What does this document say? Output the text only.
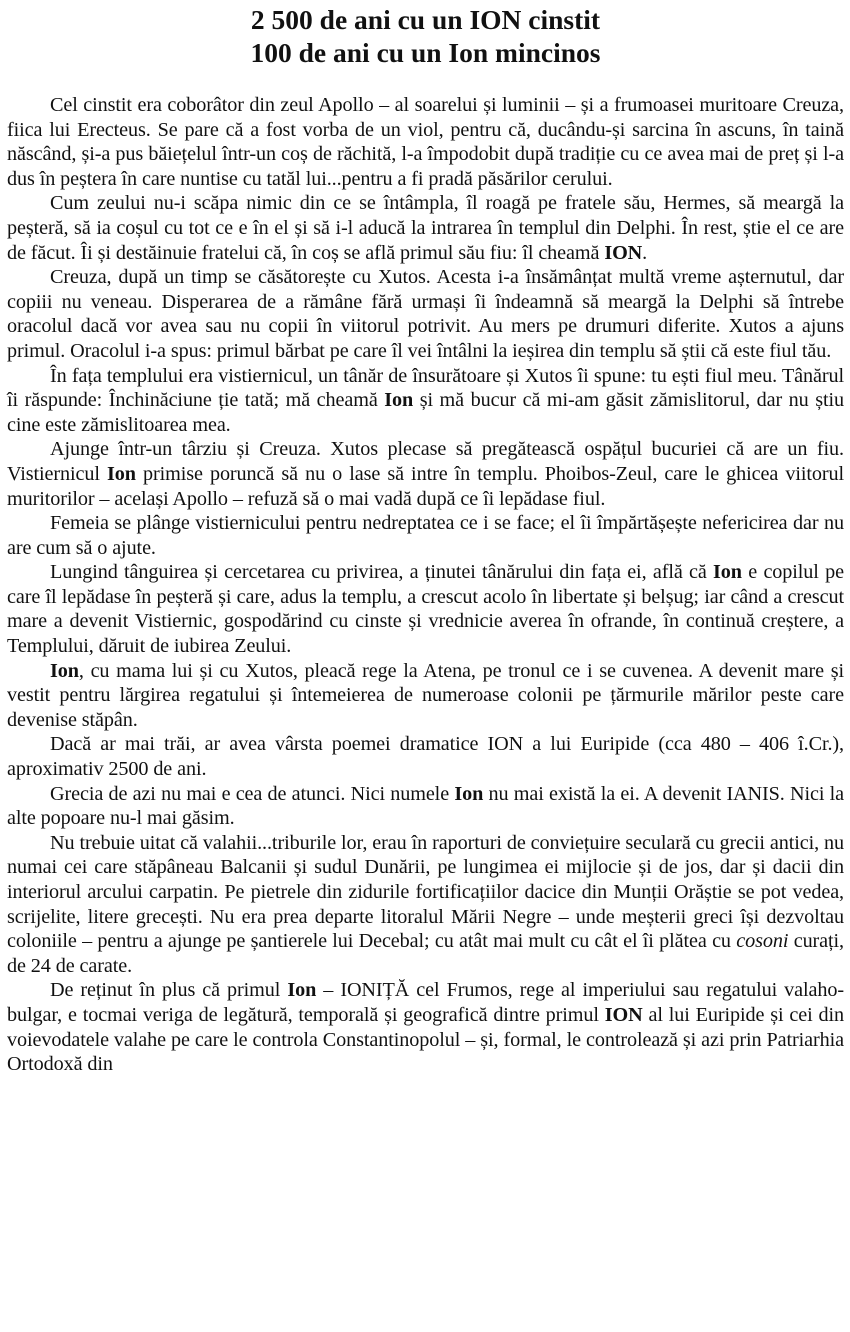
2 500 de ani cu un ION cinstit
100 de ani cu un Ion mincinos

Cel cinstit era coborâtor din zeul Apollo – al soarelui și luminii – și a frumoasei muritoare Creuza, fiica lui Erecteus. Se pare că a fost vorba de un viol, pentru că, ducându-și sarcina în ascuns, în taină născând, și-a pus băiețelul într-un coș de răchită, l-a împodobit după tradiție cu ce avea mai de preț și l-a dus în peștera în care nuntise cu tatăl lui...pentru a fi pradă păsărilor cerului.

Cum zeului nu-i scăpa nimic din ce se întâmpla, îl roagă pe fratele său, Hermes, să meargă la peșteră, să ia coșul cu tot ce e în el și să i-l aducă la intrarea în templul din Delphi. În rest, știe el ce are de făcut. Îi și destăinuie fratelui că, în coș se află primul său fiu: îl cheamă ION.

Creuza, după un timp se căsătorește cu Xutos. Acesta i-a însămânțat multă vreme așternutul, dar copiii nu veneau. Disperarea de a rămâne fără urmași îi îndeamnă să meargă la Delphi să întrebe oracolul dacă vor avea sau nu copii în viitorul potrivit. Au mers pe drumuri diferite. Xutos a ajuns primul. Oracolul i-a spus: primul bărbat pe care îl vei întâlni la ieșirea din templu să știi că este fiul tău.

În fața templului era vistiernicul, un tânăr de însurătoare și Xutos îi spune: tu ești fiul meu. Tânărul îi răspunde: Închinăciune ție tată; mă cheamă Ion și mă bucur că mi-am găsit zămislitorul, dar nu știu cine este zămislitoarea mea.

Ajunge într-un târziu și Creuza. Xutos plecase să pregătească ospățul bucuriei că are un fiu. Vistiernicul Ion primise poruncă să nu o lase să intre în templu. Phoibos-Zeul, care le ghicea viitorul muritorilor – același Apollo – refuză să o mai vadă după ce îi lepădase fiul.

Femeia se plânge vistiernicului pentru nedreptatea ce i se face; el îi împărtășește nefericirea dar nu are cum să o ajute.

Lungind tânguirea și cercetarea cu privirea, a ținutei tânărului din fața ei, află că Ion e copilul pe care îl lepădase în peșteră și care, adus la templu, a crescut acolo în libertate și belșug; iar când a crescut mare a devenit Vistiernic, gospodărind cu cinste și vrednicie averea în ofrande, în continuă creștere, a Templului, dăruit de iubirea Zeului.

Ion, cu mama lui și cu Xutos, pleacă rege la Atena, pe tronul ce i se cuvenea. A devenit mare și vestit pentru lărgirea regatului și întemeierea de numeroase colonii pe țărmurile mărilor peste care devenise stăpân.

Dacă ar mai trăi, ar avea vârsta poemei dramatice ION a lui Euripide (cca 480 – 406 î.Cr.), aproximativ 2500 de ani.

Grecia de azi nu mai e cea de atunci. Nici numele Ion nu mai există la ei. A devenit IANIS. Nici la alte popoare nu-l mai găsim.

Nu trebuie uitat că valahii...triburile lor, erau în raporturi de conviețuire seculară cu grecii antici, nu numai cei care stăpâneau Balcanii și sudul Dunării, pe lungimea ei mijlocie și de jos, dar și dacii din interiorul arcului carpatin. Pe pietrele din zidurile fortificațiilor dacice din Munții Orăștie se pot vedea, scrijelite, litere grecești. Nu era prea departe litoralul Mării Negre – unde meșterii greci își dezvoltau coloniile – pentru a ajunge pe șantierele lui Decebal; cu atât mai mult cu cât el îi plătea cu cosoni curați, de 24 de carate.

De reținut în plus că primul Ion – IONIȚĂ cel Frumos, rege al imperiului sau regatului valaho-bulgar, e tocmai veriga de legătură, temporală și geografică dintre primul ION al lui Euripide și cei din voievodatele valahe pe care le controla Constantinopolul – și, formal, le controlează și azi prin Patriarhia Ortodoxă din
